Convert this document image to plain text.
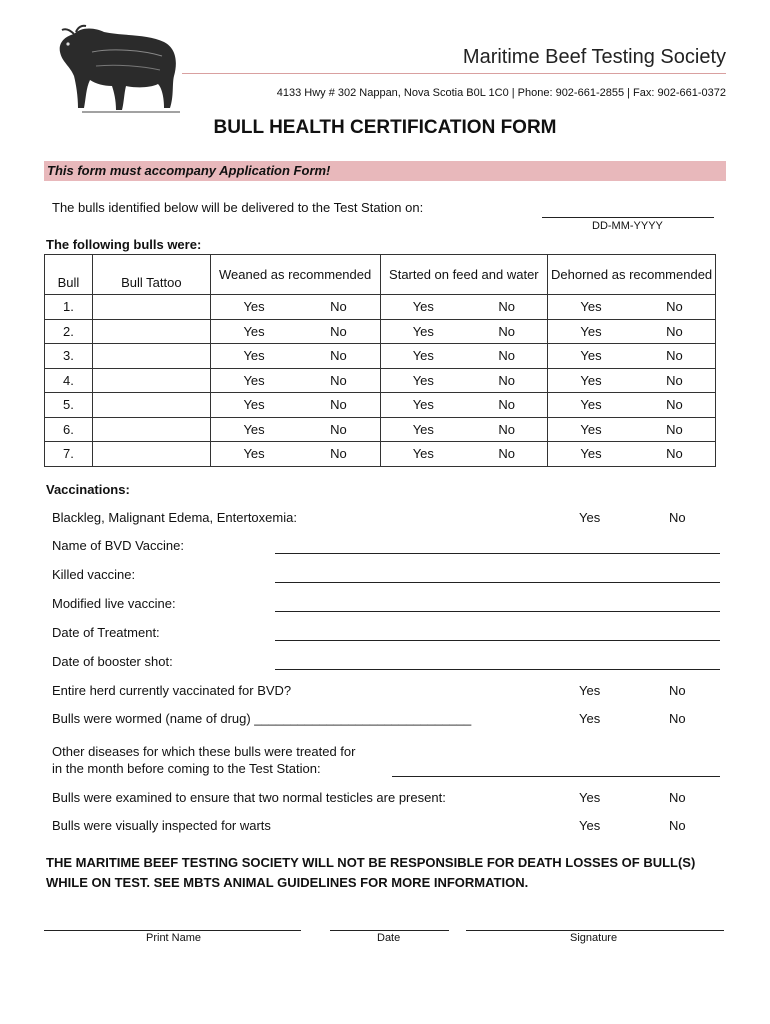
Maritime Beef Testing Society
4133 Hwy # 302 Nappan, Nova Scotia B0L 1C0 | Phone: 902-661-2855 | Fax: 902-661-0372
BULL HEALTH CERTIFICATION FORM
This form must accompany Application Form!
The bulls identified below will be delivered to the Test Station on:
DD-MM-YYYY
The following bulls were:
Bull	Bull Tattoo	Weaned as recommended	Started on feed and water	Dehorned as recommended
1.		Yes No	Yes No	Yes No

2.		Yes No	Yes No	Yes No

3.		Yes No	Yes No	Yes No

4.		Yes No	Yes No	Yes No

5.		Yes No	Yes No	Yes No

6.		Yes No	Yes No	Yes No

7.		Yes No	Yes No	Yes No
Vaccinations:
Blackleg, Malignant Edema, Entertoxemia:	Yes	No
Name of BVD Vaccine:
Killed vaccine:
Modified live vaccine:
Date of Treatment:
Date of booster shot:
Entire herd currently vaccinated for BVD?	Yes	No
Bulls were wormed (name of drug) ______________________________	Yes	No
Other diseases for which these bulls were treated for
in the month before coming to the Test Station:
Bulls were examined to ensure that two normal testicles are present:	Yes	No
Bulls were visually inspected for warts	Yes	No
THE MARITIME BEEF TESTING SOCIETY WILL NOT BE RESPONSIBLE FOR DEATH LOSSES OF BULL(S) WHILE ON TEST. SEE MBTS ANIMAL GUIDELINES FOR MORE INFORMATION.
Print Name	Date	Signature
